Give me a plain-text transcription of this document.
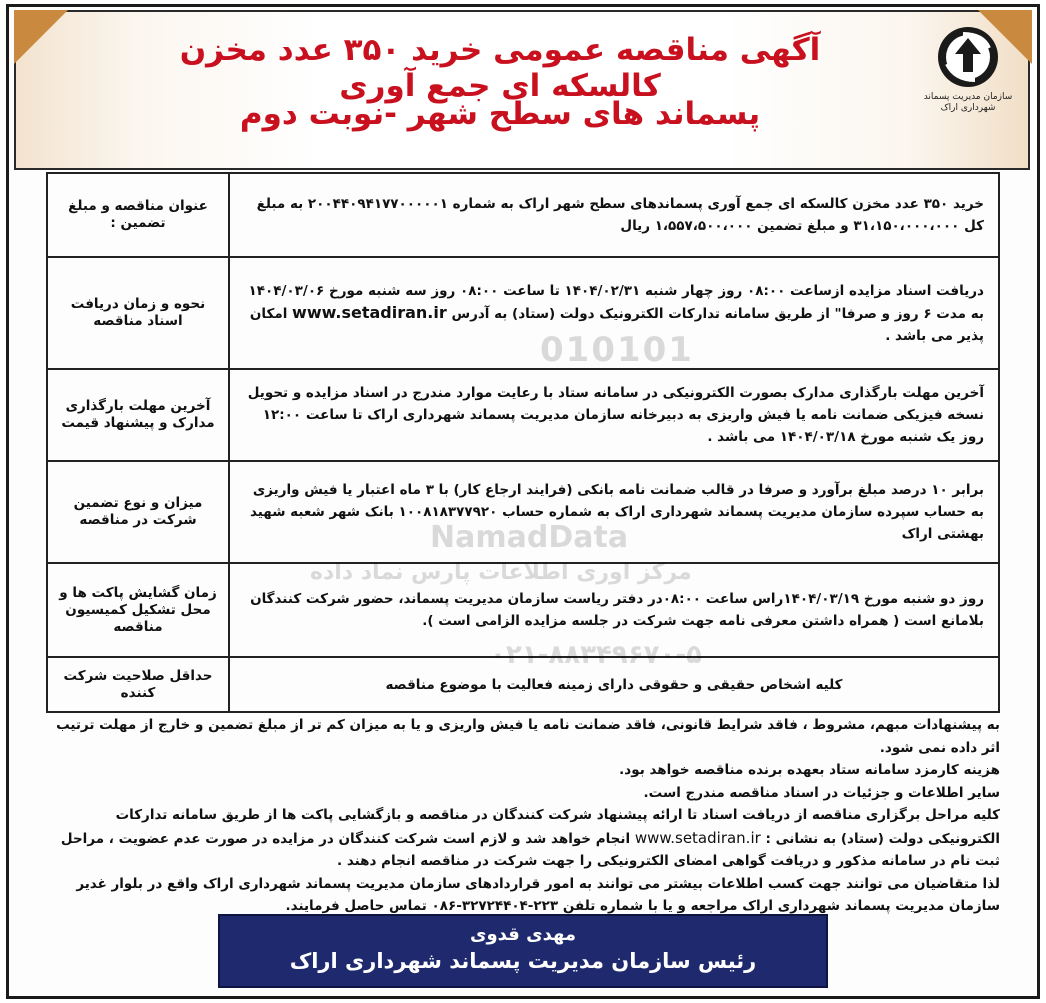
آگهی مناقصه عمومی خرید ۳۵۰ عدد مخزن کالسکه ای جمع آوری
پسماند های سطح شهر -نوبت دوم	سازمان مدیریت پسماند شهرداری اراک
خرید ۳۵۰ عدد مخزن کالسکه ای جمع آوری پسماندهای سطح شهر اراک به شماره ۲۰۰۴۴۰۹۴۱۷۷۰۰۰۰۰۱ به مبلغ کل ۳۱،۱۵۰،۰۰۰،۰۰۰ و مبلغ تضمین ۱،۵۵۷،۵۰۰،۰۰۰ ریال	عنوان مناقصه و مبلغ تضمین :
دریافت اسناد مزایده ازساعت ۰۸:۰۰ روز چهار شنبه ۱۴۰۴/۰۲/۳۱ تا ساعت ۰۸:۰۰ روز سه شنبه مورخ ۱۴۰۴/۰۳/۰۶ به مدت ۶ روز و صرفا" از طریق سامانه تدارکات الکترونیک دولت (ستاد) به آدرس www.setadiran.ir امکان پذیر می باشد .	نحوه و زمان دریافت اسناد مناقصه
آخرین مهلت بارگذاری مدارک بصورت الکترونیکی در سامانه ستاد با رعایت موارد مندرج در اسناد مزایده و تحویل نسخه فیزیکی ضمانت نامه یا فیش واریزی به دبیرخانه سازمان مدیریت پسماند شهرداری اراک تا ساعت ۱۲:۰۰ روز یک شنبه مورخ ۱۴۰۴/۰۳/۱۸ می باشد .	آخرین مهلت بارگذاری مدارک و پیشنهاد قیمت
برابر ۱۰ درصد مبلغ برآورد و صرفا در قالب ضمانت نامه بانکی (فرایند ارجاع کار) با ۳ ماه اعتبار یا فیش واریزی به حساب سپرده سازمان مدیریت پسماند شهرداری اراک به شماره حساب ۱۰۰۸۱۸۳۷۷۹۲۰ بانک شهر شعبه شهید بهشتی اراک	میزان و نوع تضمین شرکت در مناقصه
روز دو شنبه مورخ ۱۴۰۴/۰۳/۱۹راس ساعت ۰۸:۰۰در دفتر ریاست سازمان مدیریت پسماند، حضور شرکت کنندگان بلامانع است ( همراه داشتن معرفی نامه جهت شرکت در جلسه مزایده الزامی است ).	زمان گشایش پاکت ها و محل تشکیل کمیسیون مناقصه
کلیه اشخاص حقیقی و حقوقی دارای زمینه فعالیت با موضوع مناقصه	حداقل صلاحیت شرکت کننده

به پیشنهادات مبهم، مشروط ، فاقد شرایط قانونی، فاقد ضمانت نامه یا فیش واریزی و یا به میزان کم تر از مبلغ تضمین و خارج از مهلت ترتیب اثر داده نمی شود.

هزینه کارمزد سامانه ستاد بعهده برنده مناقصه خواهد بود.

سایر اطلاعات و جزئیات در اسناد مناقصه مندرج است.

کلیه مراحل برگزاری مناقصه از دریافت اسناد تا ارائه پیشنهاد شرکت کنندگان در مناقصه و بازگشایی پاکت ها از طریق سامانه تدارکات الکترونیکی دولت (ستاد) به نشانی : www.setadiran.ir انجام خواهد شد و لازم است شرکت کنندگان در مزایده در صورت عدم عضویت ، مراحل ثبت نام در سامانه مذکور و دریافت گواهی امضای الکترونیکی را جهت شرکت در مناقصه انجام دهند .

لذا متقاضیان می توانند جهت کسب اطلاعات بیشتر می توانند به امور قراردادهای سازمان مدیریت پسماند شهرداری اراک واقع در بلوار غدیر سازمان مدیریت پسماند شهرداری اراک مراجعه و یا با شماره تلفن ۲۲۳-۳۲۷۲۴۴۰۴-۰۸۶ تماس حاصل فرمایند.

مهدی قدوی
رئیس سازمان مدیریت پسماند شهرداری اراک
